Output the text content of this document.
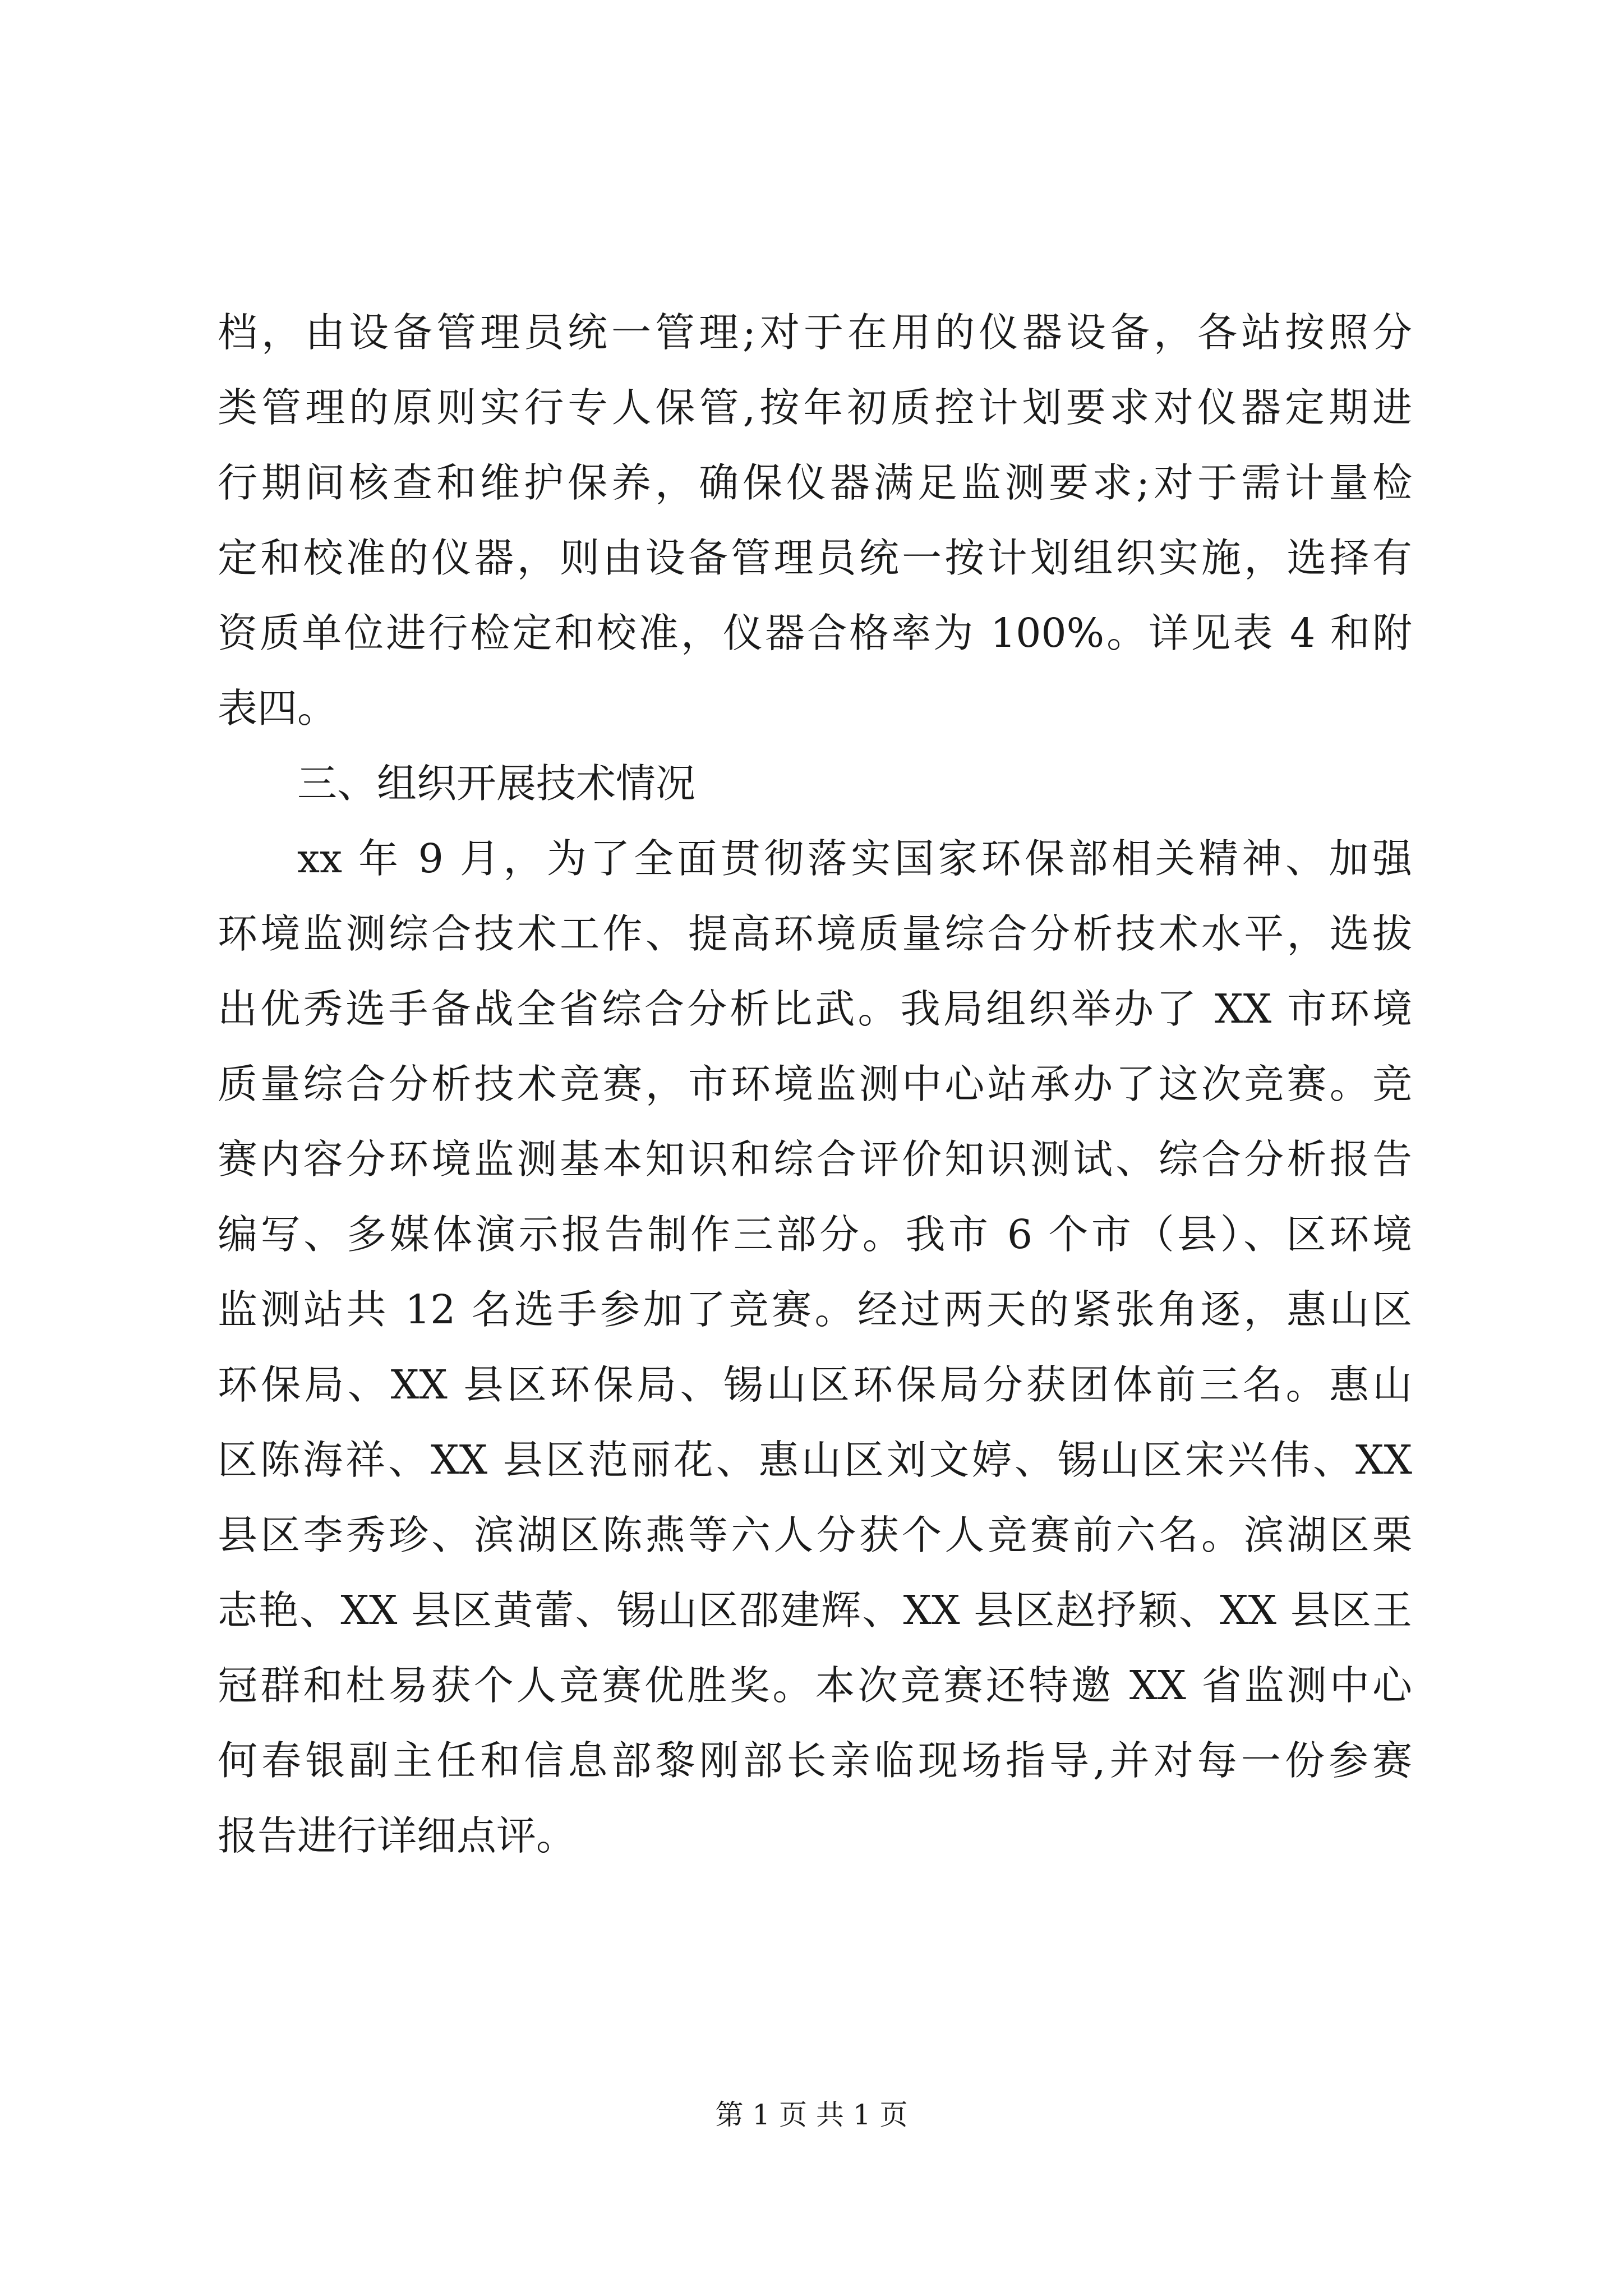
档，由设备管理员统一管理;对于在用的仪器设备，各站按照分
类管理的原则实行专人保管,按年初质控计划要求对仪器定期进
行期间核查和维护保养，确保仪器满足监测要求;对于需计量检
定和校准的仪器，则由设备管理员统一按计划组织实施，选择有
资质单位进行检定和校准，仪器合格率为 100%。详见表 4 和附
表四。
三、组织开展技术情况
xx 年 9 月，为了全面贯彻落实国家环保部相关精神、加强
环境监测综合技术工作、提高环境质量综合分析技术水平，选拔
出优秀选手备战全省综合分析比武。我局组织举办了 XX 市环境
质量综合分析技术竞赛，市环境监测中心站承办了这次竞赛。竞
赛内容分环境监测基本知识和综合评价知识测试、综合分析报告
编写、多媒体演示报告制作三部分。我市 6 个市（县）、区环境
监测站共 12 名选手参加了竞赛。经过两天的紧张角逐，惠山区
环保局、XX 县区环保局、锡山区环保局分获团体前三名。惠山
区陈海祥、XX 县区范丽花、惠山区刘文婷、锡山区宋兴伟、XX
县区李秀珍、滨湖区陈燕等六人分获个人竞赛前六名。滨湖区栗
志艳、XX 县区黄蕾、锡山区邵建辉、XX 县区赵抒颖、XX 县区王
冠群和杜易获个人竞赛优胜奖。本次竞赛还特邀 XX 省监测中心
何春银副主任和信息部黎刚部长亲临现场指导,并对每一份参赛
报告进行详细点评。
第 1 页 共 1 页
